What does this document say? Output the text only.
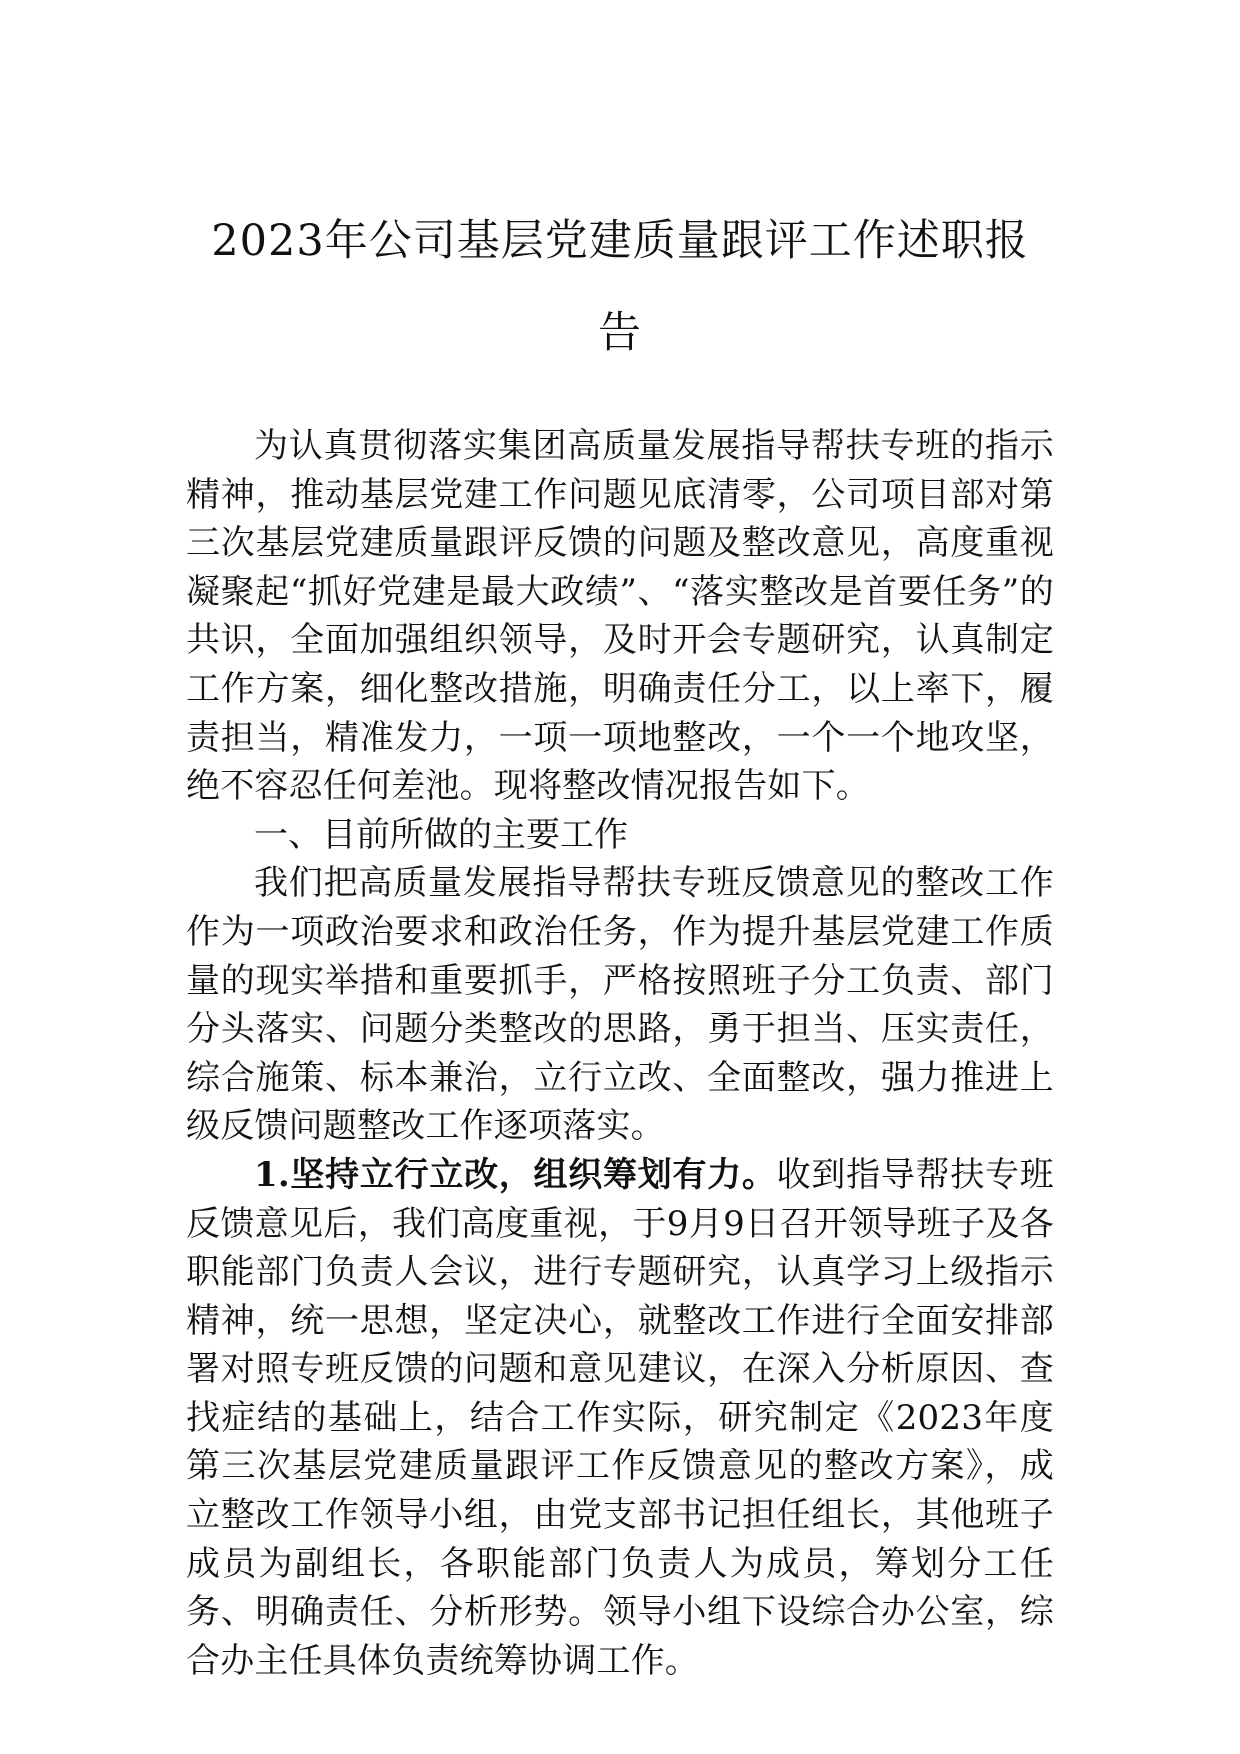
2023年公司基层党建质量跟评工作述职报
告

为认真贯彻落实集团高质量发展指导帮扶专班的指示精神，推动基层党建工作问题见底清零，公司项目部对第三次基层党建质量跟评反馈的问题及整改意见，高度重视凝聚起“抓好党建是最大政绩”、“落实整改是首要任务”的共识，全面加强组织领导，及时开会专题研究，认真制定工作方案，细化整改措施，明确责任分工，以上率下，履责担当，精准发力，一项一项地整改，一个一个地攻坚，绝不容忍任何差池。现将整改情况报告如下。

一、目前所做的主要工作

我们把高质量发展指导帮扶专班反馈意见的整改工作作为一项政治要求和政治任务，作为提升基层党建工作质量的现实举措和重要抓手，严格按照班子分工负责、部门分头落实、问题分类整改的思路，勇于担当、压实责任，综合施策、标本兼治，立行立改、全面整改，强力推进上级反馈问题整改工作逐项落实。

1.坚持立行立改，组织筹划有力。收到指导帮扶专班反馈意见后，我们高度重视，于9月9日召开领导班子及各职能部门负责人会议，进行专题研究，认真学习上级指示精神，统一思想，坚定决心，就整改工作进行全面安排部署对照专班反馈的问题和意见建议，在深入分析原因、查找症结的基础上，结合工作实际，研究制定《2023年度第三次基层党建质量跟评工作反馈意见的整改方案》，成立整改工作领导小组，由党支部书记担任组长，其他班子成员为副组长，各职能部门负责人为成员，筹划分工任务、明确责任、分析形势。领导小组下设综合办公室，综合办主任具体负责统筹协调工作。
